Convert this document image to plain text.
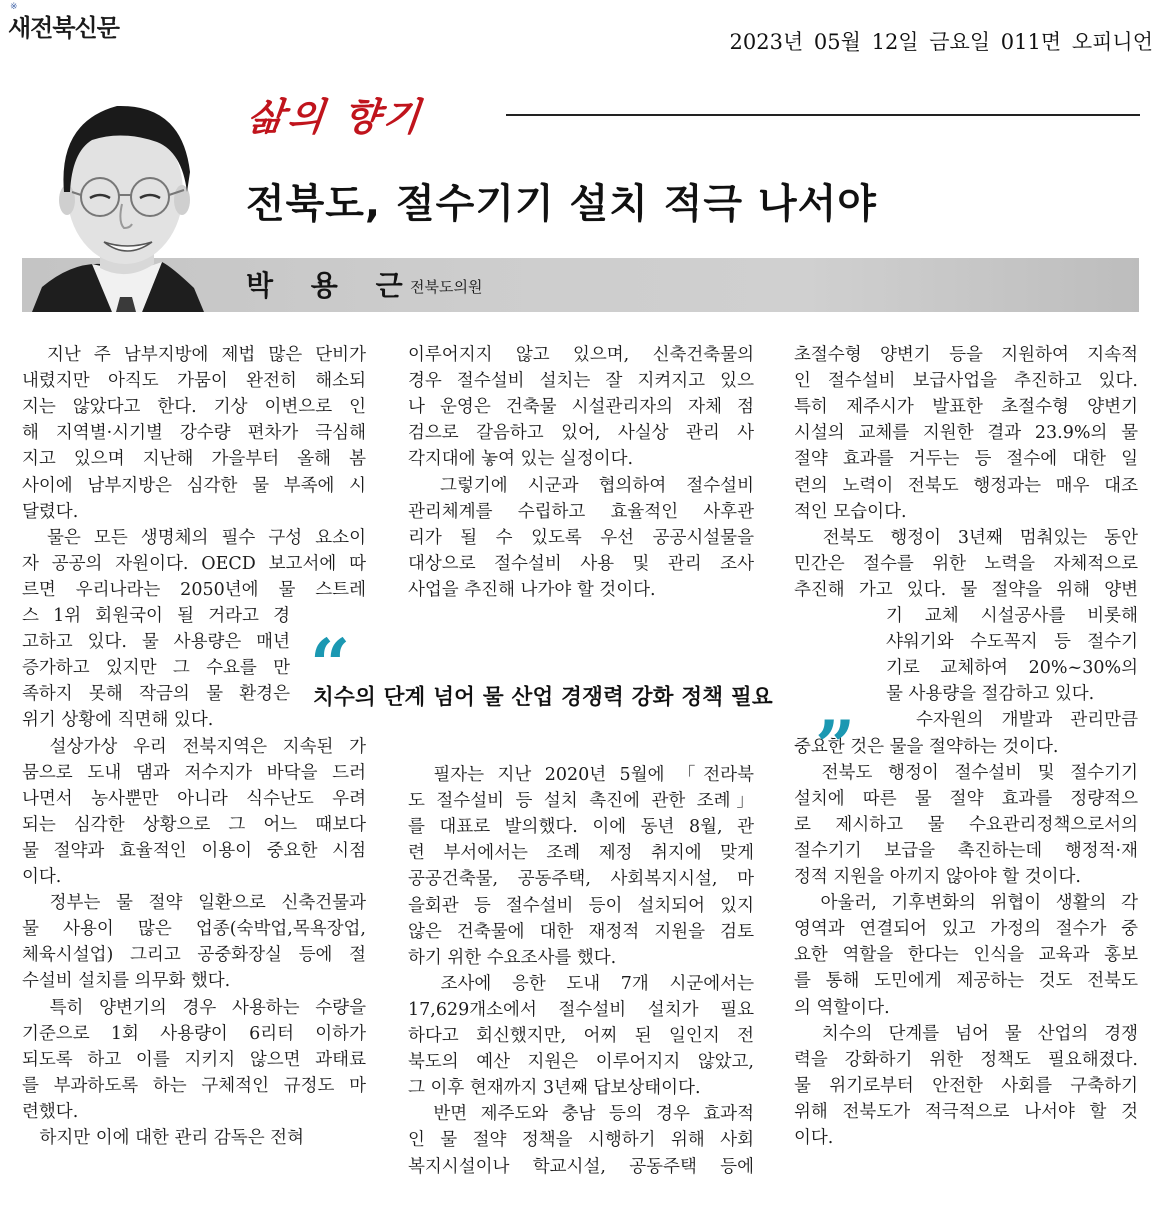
※
새전북신문	2023년 05월 12일 금요일 011면 오피니언
삶의 향기
전북도, 절수기기 설치 적극 나서야
박 용 근
전북도의원
　지난 주 남부지방에 제법 많은 단비가
내렸지만 아직도 가뭄이 완전히 해소되
지는 않았다고 한다. 기상 이변으로 인
해 지역별·시기별 강수량 편차가 극심해
지고 있으며 지난해 가을부터 올해 봄
사이에 남부지방은 심각한 물 부족에 시
달렸다.
　물은 모든 생명체의 필수 구성 요소이
자 공공의 자원이다. OECD 보고서에 따
르면 우리나라는 2050년에 물 스트레
스 1위 회원국이 될 거라고 경
고하고 있다. 물 사용량은 매년
증가하고 있지만 그 수요를 만
족하지 못해 작금의 물 환경은
위기 상황에 직면해 있다.
　설상가상 우리 전북지역은 지속된 가
뭄으로 도내 댐과 저수지가 바닥을 드러
나면서 농사뿐만 아니라 식수난도 우려
되는 심각한 상황으로 그 어느 때보다
물 절약과 효율적인 이용이 중요한 시점
이다.
　정부는 물 절약 일환으로 신축건물과
물 사용이 많은 업종(숙박업,목욕장업,
체육시설업) 그리고 공중화장실 등에 절
수설비 설치를 의무화 했다.
　특히 양변기의 경우 사용하는 수량을
기준으로 1회 사용량이 6리터 이하가
되도록 하고 이를 지키지 않으면 과태료
를 부과하도록 하는 구체적인 규정도 마
련했다.
　하지만 이에 대한 관리 감독은 전혀
이루어지지 않고 있으며, 신축건축물의
경우 절수설비 설치는 잘 지켜지고 있으
나 운영은 건축물 시설관리자의 자체 점
검으로 갈음하고 있어, 사실상 관리 사
각지대에 놓여 있는 실정이다.
　그렇기에 시군과 협의하여 절수설비
관리체계를 수립하고 효율적인 사후관
리가 될 수 있도록 우선 공공시설물을
대상으로 절수설비 사용 및 관리 조사
사업을 추진해 나가야 할 것이다.
　필자는 지난 2020년 5월에 「전라북
도 절수설비 등 설치 촉진에 관한 조례」
를 대표로 발의했다. 이에 동년 8월, 관
련 부서에서는 조례 제정 취지에 맞게
공공건축물, 공동주택, 사회복지시설, 마
을회관 등 절수설비 등이 설치되어 있지
않은 건축물에 대한 재정적 지원을 검토
하기 위한 수요조사를 했다.
　조사에 응한 도내 7개 시군에서는
17,629개소에서 절수설비 설치가 필요
하다고 회신했지만, 어찌 된 일인지 전
북도의 예산 지원은 이루어지지 않았고,
그 이후 현재까지 3년째 답보상태이다.
　반면 제주도와 충남 등의 경우 효과적
인 물 절약 정책을 시행하기 위해 사회
복지시설이나 학교시설, 공동주택 등에
초절수형 양변기 등을 지원하여 지속적
인 절수설비 보급사업을 추진하고 있다.
특히 제주시가 발표한 초절수형 양변기
시설의 교체를 지원한 결과 23.9%의 물
절약 효과를 거두는 등 절수에 대한 일
련의 노력이 전북도 행정과는 매우 대조
적인 모습이다.
　전북도 행정이 3년째 멈춰있는 동안
민간은 절수를 위한 노력을 자체적으로
추진해 가고 있다. 물 절약을 위해 양변
기 교체 시설공사를 비롯해
샤워기와 수도꼭지 등 절수기
기로 교체하여 20%~30%의
물 사용량을 절감하고 있다.
　수자원의 개발과 관리만큼
중요한 것은 물을 절약하는 것이다.
　전북도 행정이 절수설비 및 절수기기
설치에 따른 물 절약 효과를 정량적으
로 제시하고 물 수요관리정책으로서의
절수기기 보급을 촉진하는데 행정적·재
정적 지원을 아끼지 않아야 할 것이다.
　아울러, 기후변화의 위협이 생활의 각
영역과 연결되어 있고 가정의 절수가 중
요한 역할을 한다는 인식을 교육과 홍보
를 통해 도민에게 제공하는 것도 전북도
의 역할이다.
　치수의 단계를 넘어 물 산업의 경쟁
력을 강화하기 위한 정책도 필요해졌다.
물 위기로부터 안전한 사회를 구축하기
위해 전북도가 적극적으로 나서야 할 것
이다.
“
치수의 단계 넘어 물 산업 경쟁력 강화 정책 필요
”
